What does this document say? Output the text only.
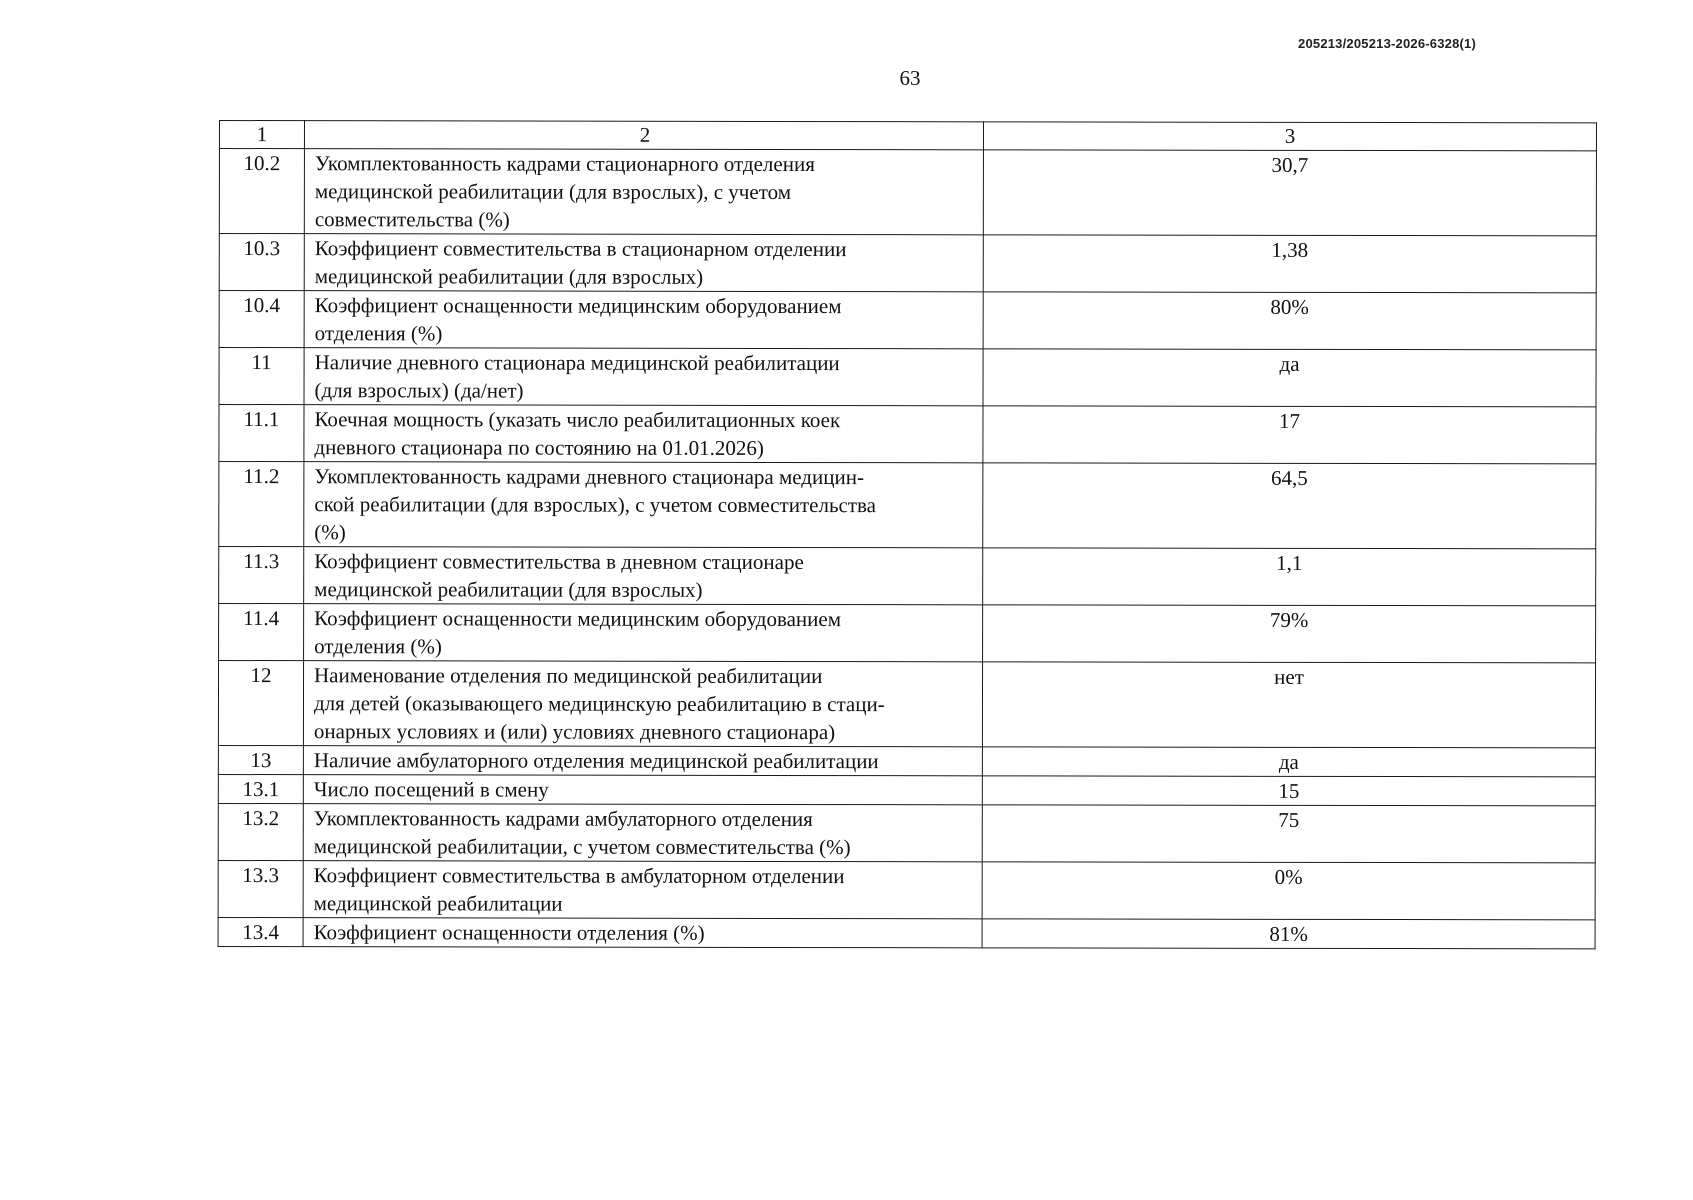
205213/205213-2026-6328(1)
63
1	2	3
10.2	Укомплектованность кадрами стационарного отделения
медицинской реабилитации (для взрослых), с учетом
совместительства (%)	30,7
10.3	Коэффициент совместительства в стационарном отделении
медицинской реабилитации (для взрослых)	1,38
10.4	Коэффициент оснащенности медицинским оборудованием
отделения (%)	80%
11	Наличие дневного стационара медицинской реабилитации
(для взрослых) (да/нет)	да
11.1	Коечная мощность (указать число реабилитационных коек
дневного стационара по состоянию на 01.01.2026)	17
11.2	Укомплектованность кадрами дневного стационара медицин-
ской реабилитации (для взрослых), с учетом совместительства
(%)	64,5
11.3	Коэффициент совместительства в дневном стационаре
медицинской реабилитации (для взрослых)	1,1
11.4	Коэффициент оснащенности медицинским оборудованием
отделения (%)	79%
12	Наименование отделения по медицинской реабилитации
для детей (оказывающего медицинскую реабилитацию в стаци-
онарных условиях и (или) условиях дневного стационара)	нет
13	Наличие амбулаторного отделения медицинской реабилитации	да
13.1	Число посещений в смену	15
13.2	Укомплектованность кадрами амбулаторного отделения
медицинской реабилитации, с учетом совместительства (%)	75
13.3	Коэффициент совместительства в амбулаторном отделении
медицинской реабилитации	0%
13.4	Коэффициент оснащенности отделения (%)	81%
